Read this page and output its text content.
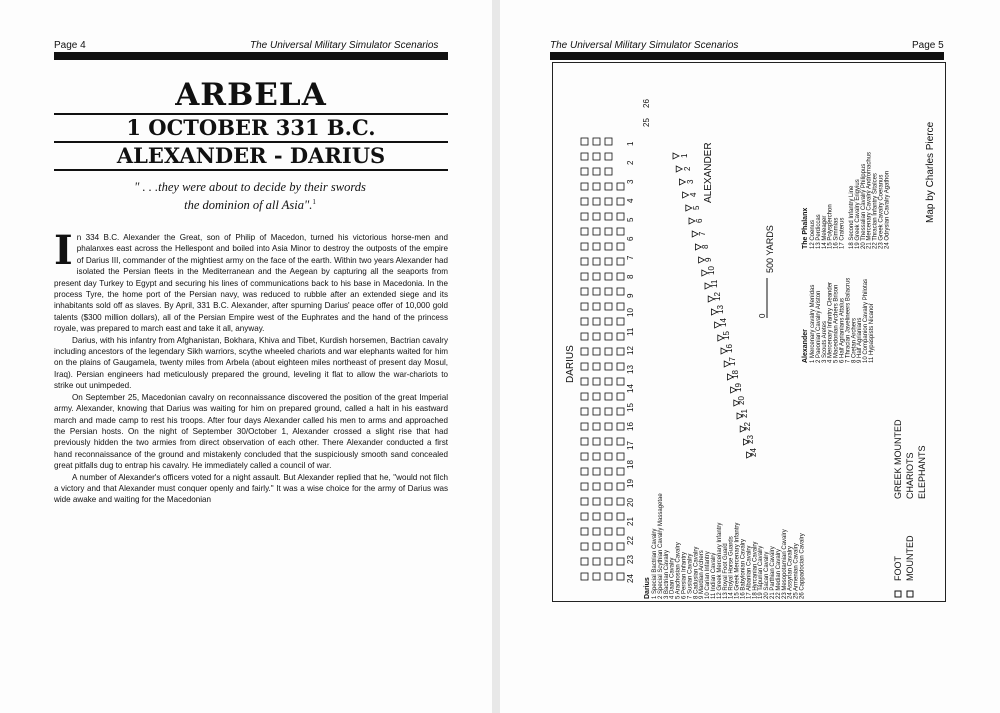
Page 4	The Universal Military Simulator Scenarios
ARBELA
1 OCTOBER 331 B.C.
ALEXANDER - DARIUS
" . . .they were about to decide by their swords
the dominion of all Asia".$^1$

In 334 B.C. Alexander the Great, son of Philip of Macedon, turned his victorious horse-men and phalanxes east across the Hellespont and boiled into Asia Minor to destroy the outposts of the empire of Darius III, commander of the mightiest army on the face of the earth. Within two years Alexander had isolated the Persian fleets in the Mediterranean and the Aegean by capturing all the seaports from present day Turkey to Egypt and securing his lines of communications back to his base in Macedonia. In the process Tyre, the home port of the Persian navy, was reduced to rubble after an extended siege and its inhabitants sold off as slaves. By April, 331 B.C. Alexander, after spurning Darius' peace offer of 10,000 gold talents ($300 million dollars), all of the Persian Empire west of the Euphrates and the hand of the princess royale, was prepared to march east and take it all, anyway.

Darius, with his infantry from Afghanistan, Bokhara, Khiva and Tibet, Kurdish horsemen, Bactrian cavalry including ancestors of the legendary Sikh warriors, scythe wheeled chariots and war elephants waited for him on the plains of Gaugamela, twenty miles from Arbela (about eighteen miles northeast of present day Mosul, Iraq). Persian engineers had meticulously prepared the ground, leveling it flat to allow the war-chariots to strike out unimpeded.

On September 25, Macedonian cavalry on reconnaissance discovered the position of the great Imperial army. Alexander, knowing that Darius was waiting for him on prepared ground, called a halt in his eastward march and made camp to rest his troops. After four days Alexander called his men to arms and approached the Persian hosts. On the night of September 30/October 1, Alexander crossed a slight rise that had previously hidden the two armies from direct observation of each other. There Alexander conducted a first hand reconnaissance of the ground and mistakenly concluded that the suspiciously smooth sand concealed great pitfalls dug to entrap his cavalry. He immediately called a council of war.

A number of Alexander's officers voted for a night assault. But Alexander replied that he, "would not filch a victory and that Alexander must conquer openly and fairly." It was a wise choice for the army of Darius was wide awake and waiting for the Macedonian

The Universal Military Simulator Scenarios	Page 5
24
23
22
21
20
19
18
17
16
15
14
13
12
11
10
9
8
7
6
5
4
3
2
1
25
26
1
2
3
4
5
6
7
8
9
10
11
12
13
14
15
16
17
18
19
20
21
22
23
24
DARIUS
ALEXANDER
500 YARDS
0
Map by Charles Pierce
FOOT MOUNTED
GREEK MOUNTED CHARIOTS ELEPHANTS
Darius 1 Special Bactrian Cavalry 2 Special Scythian Cavalry Massagetae 3 Bactrian Cavalry 4 Daan Cavalry 5 Arachosian Cavalry 6 Persian Infantry 7 Susian Cavalry 8 Cadusian Cavalry 9 Mardian Archers 10 Carian Infantry 11 Indian Cavalry 12 Greek Mercenary Infantry 13 Royal Foot Guard 14 Royal Horse Guards 15 Greek Mercenary Infantry 16 Babylonian Cavalry 17 Albanian Cavalry 18 Hyrcanian Cavalry 19 Tapurian Cavalry 20 Sacan Cavalry 21 Parthian Cavalry 22 Median Cavalry 23 Mesopotamian Cavalry 24 Assyrian Cavalry 25 Armenian Cavalry 26 Cappadocian Cavalry
Alexander 1 Mercenary cavalry Menidas 2 Paeonian Cavalry Ariston 3 Scouts Aretes 4 Mercenary Infantry Cleander 5 Macedonian Archers Brison 6 Half Agrianians Attalus 7 Thracian Javelineers Balacrus 8 Cretan Archers 9 Half Agrianians 10 Companion Cavalry Philotas 11 Hypaspists Nicanor
The Phalanx 12 Coenus 13 Perdiccas 14 Meleager 15 Polysperchon 16 Simmias 17 Craterus 18 Second Infantry Line 19 Greek Cavalry Erigyius 20 Thessalian Cavalry Philippus 21 Mercenary Cavalry Andromachus 22 Thracian Infantry Sitalces 23 Greek Cavalry Coeranus 24 Odrysian Cavalry Agathon
